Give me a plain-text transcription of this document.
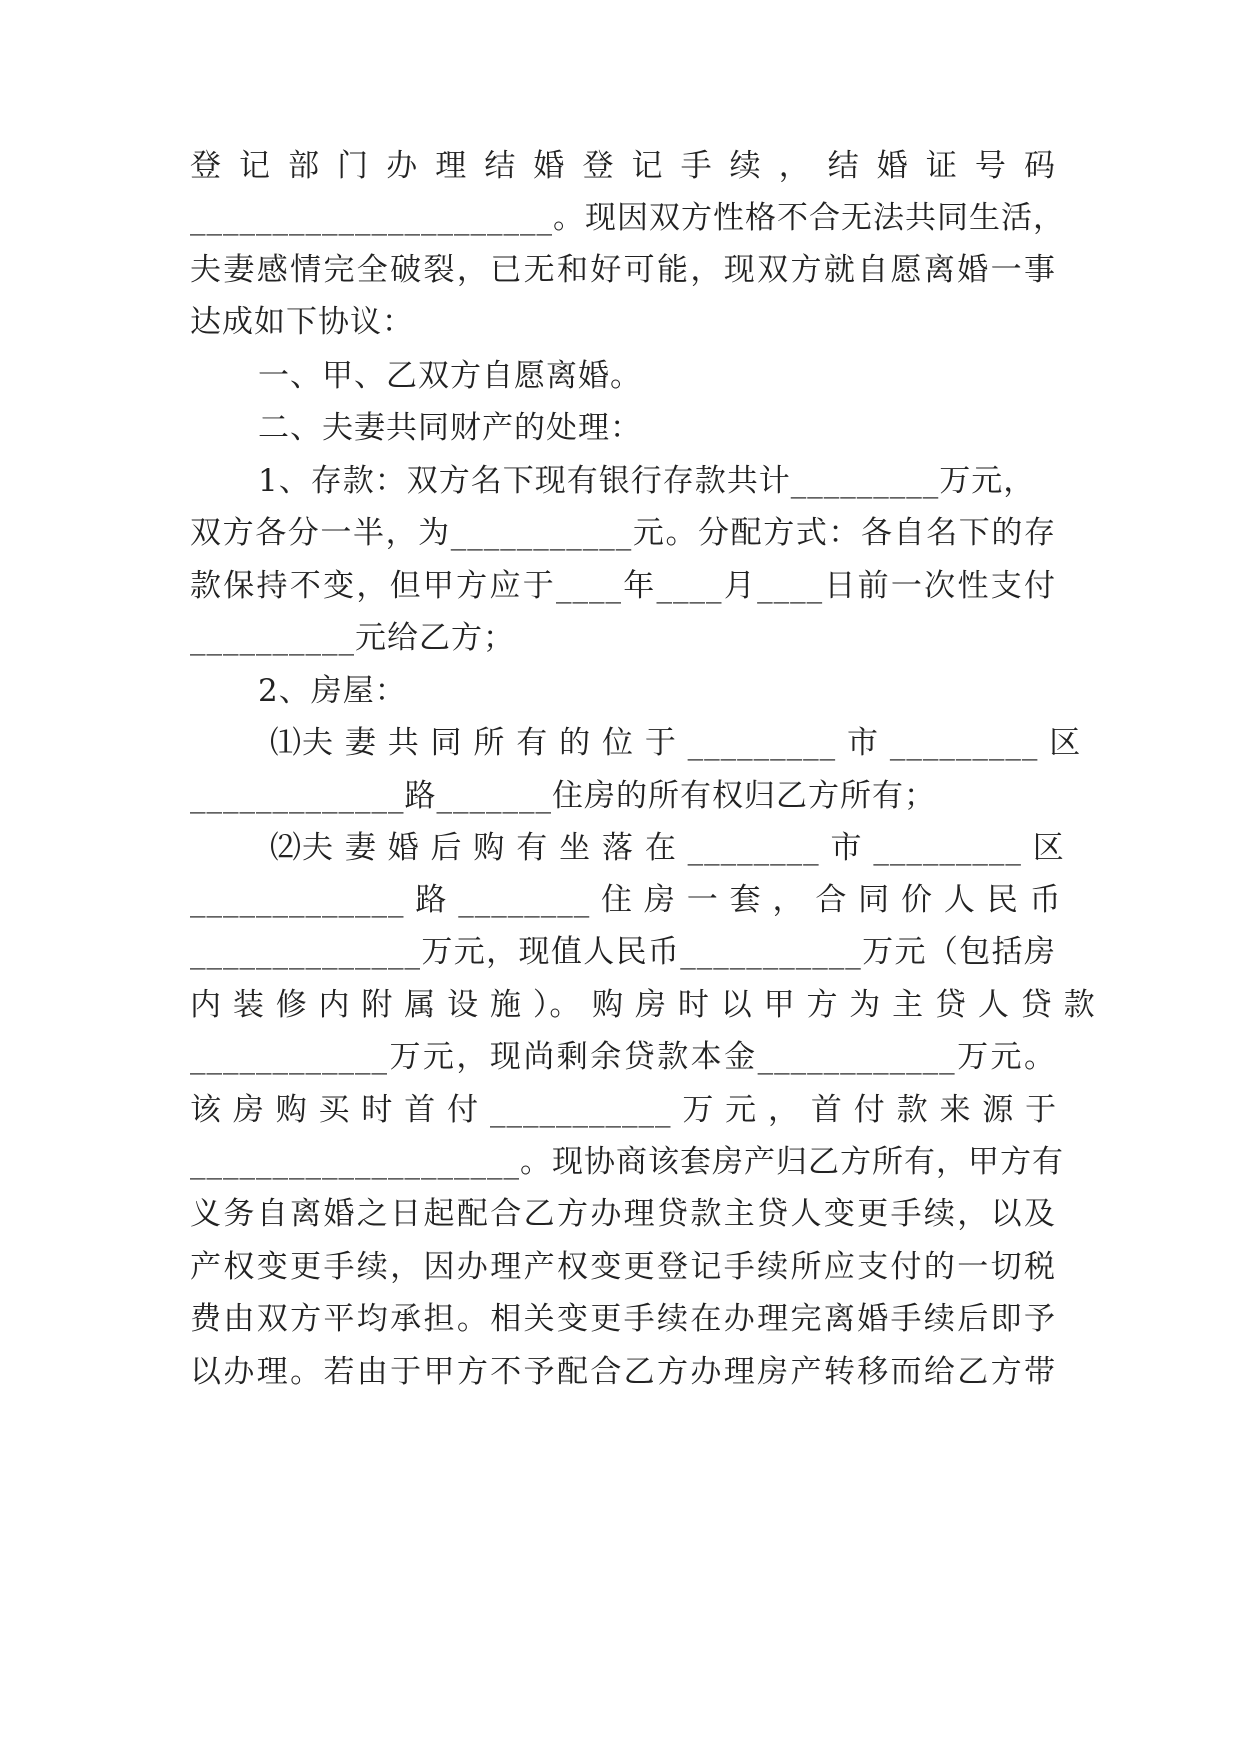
登 记 部 门 办 理 结 婚 登 记 手 续 ， 结 婚 证 号 码
______________________。现因双方性格不合无法共同生活，
夫妻感情完全破裂，已无和好可能，现双方就自愿离婚一事
达成如下协议：
一、甲、乙双方自愿离婚。
二、夫妻共同财产的处理：
1、存款：双方名下现有银行存款共计_________万元，
双方各分一半，为___________元。分配方式：各自名下的存
款保持不变，但甲方应于____年____月____日前一次性支付
__________元给乙方；
2、房屋：
⑴夫 妻 共 同 所 有 的 位 于 _________ 市 _________ 区
_____________路_______住房的所有权归乙方所有；
⑵夫 妻 婚 后 购 有 坐 落 在 ________ 市 _________ 区
_____________ 路 ________ 住 房 一 套 ， 合 同 价 人 民 币
______________万元，现值人民币___________万元（包括房
内 装 修 内 附 属 设 施 ）。 购 房 时 以 甲 方 为 主 贷 人 贷 款
____________万元，现尚剩余贷款本金____________万元。
该 房 购 买 时 首 付 ___________ 万 元 ， 首 付 款 来 源 于
____________________。现协商该套房产归乙方所有，甲方有
义务自离婚之日起配合乙方办理贷款主贷人变更手续，以及
产权变更手续，因办理产权变更登记手续所应支付的一切税
费由双方平均承担。相关变更手续在办理完离婚手续后即予
以办理。若由于甲方不予配合乙方办理房产转移而给乙方带
